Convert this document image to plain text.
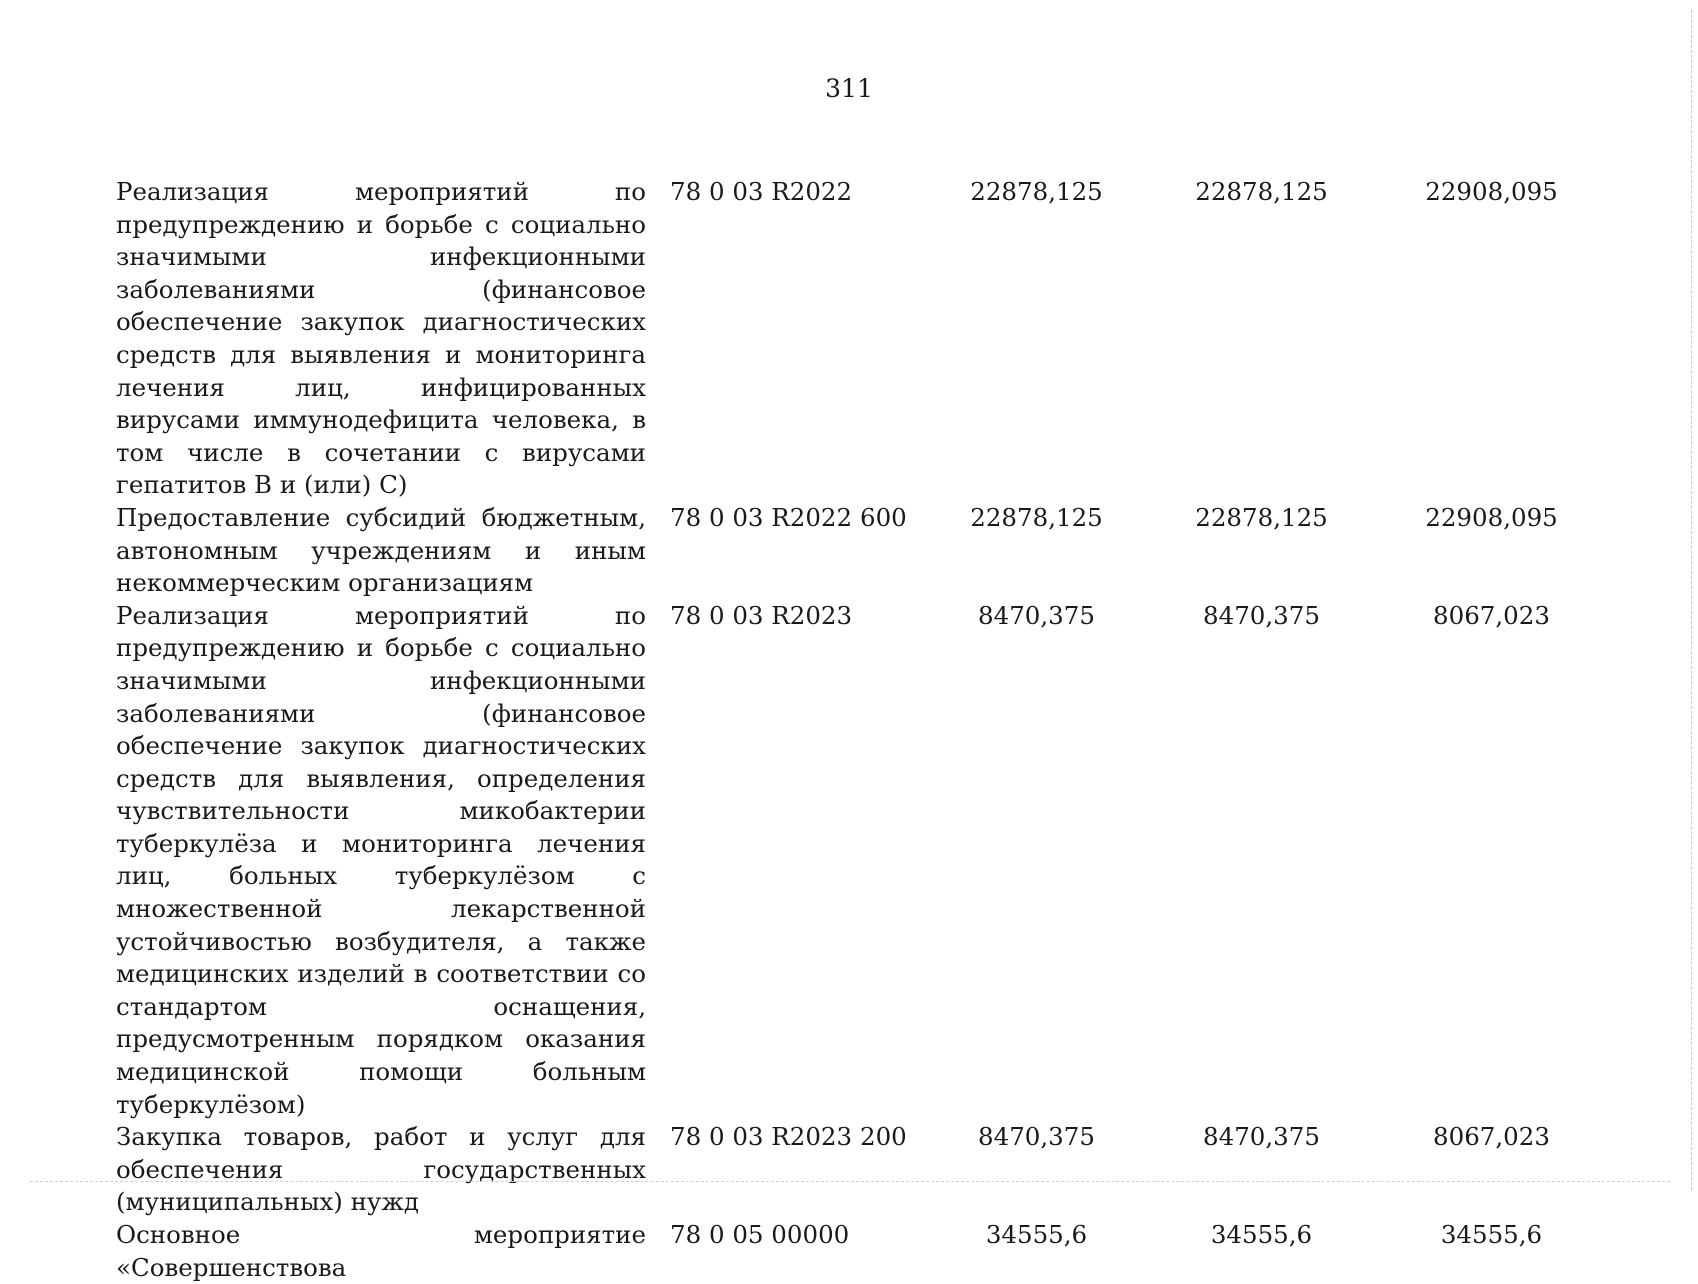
311
Реализация мероприятий по предупреждению и борьбе с социально значимыми инфекционными заболеваниями (финансовое обеспечение закупок диагностических средств для выявления и мониторинга лечения лиц, инфицированных вирусами иммунодефицита человека, в том числе в сочетании с вирусами гепатитов B и (или) C)	78 0 03 R2022		22878,125	22878,125	22908,095
Предоставление субсидий бюджетным, автономным учреждениям и иным некоммерческим организациям	78 0 03 R2022	600	22878,125	22878,125	22908,095
Реализация мероприятий по предупреждению и борьбе с социально значимыми инфекционными заболеваниями (финансовое обеспечение закупок диагностических средств для выявления, определения чувствительности микобактерии туберкулёза и мониторинга лечения лиц, больных туберкулёзом с множественной лекарственной устойчивостью возбудителя, а также медицинских изделий в соответствии со стандартом оснащения, предусмотренным порядком оказания медицинской помощи больным туберкулёзом)	78 0 03 R2023		8470,375	8470,375	8067,023
Закупка товаров, работ и услуг для обеспечения государственных (муниципальных) нужд	78 0 03 R2023	200	8470,375	8470,375	8067,023
Основное мероприятие «Совершенствова	78 0 05 00000		34555,6	34555,6	34555,6
